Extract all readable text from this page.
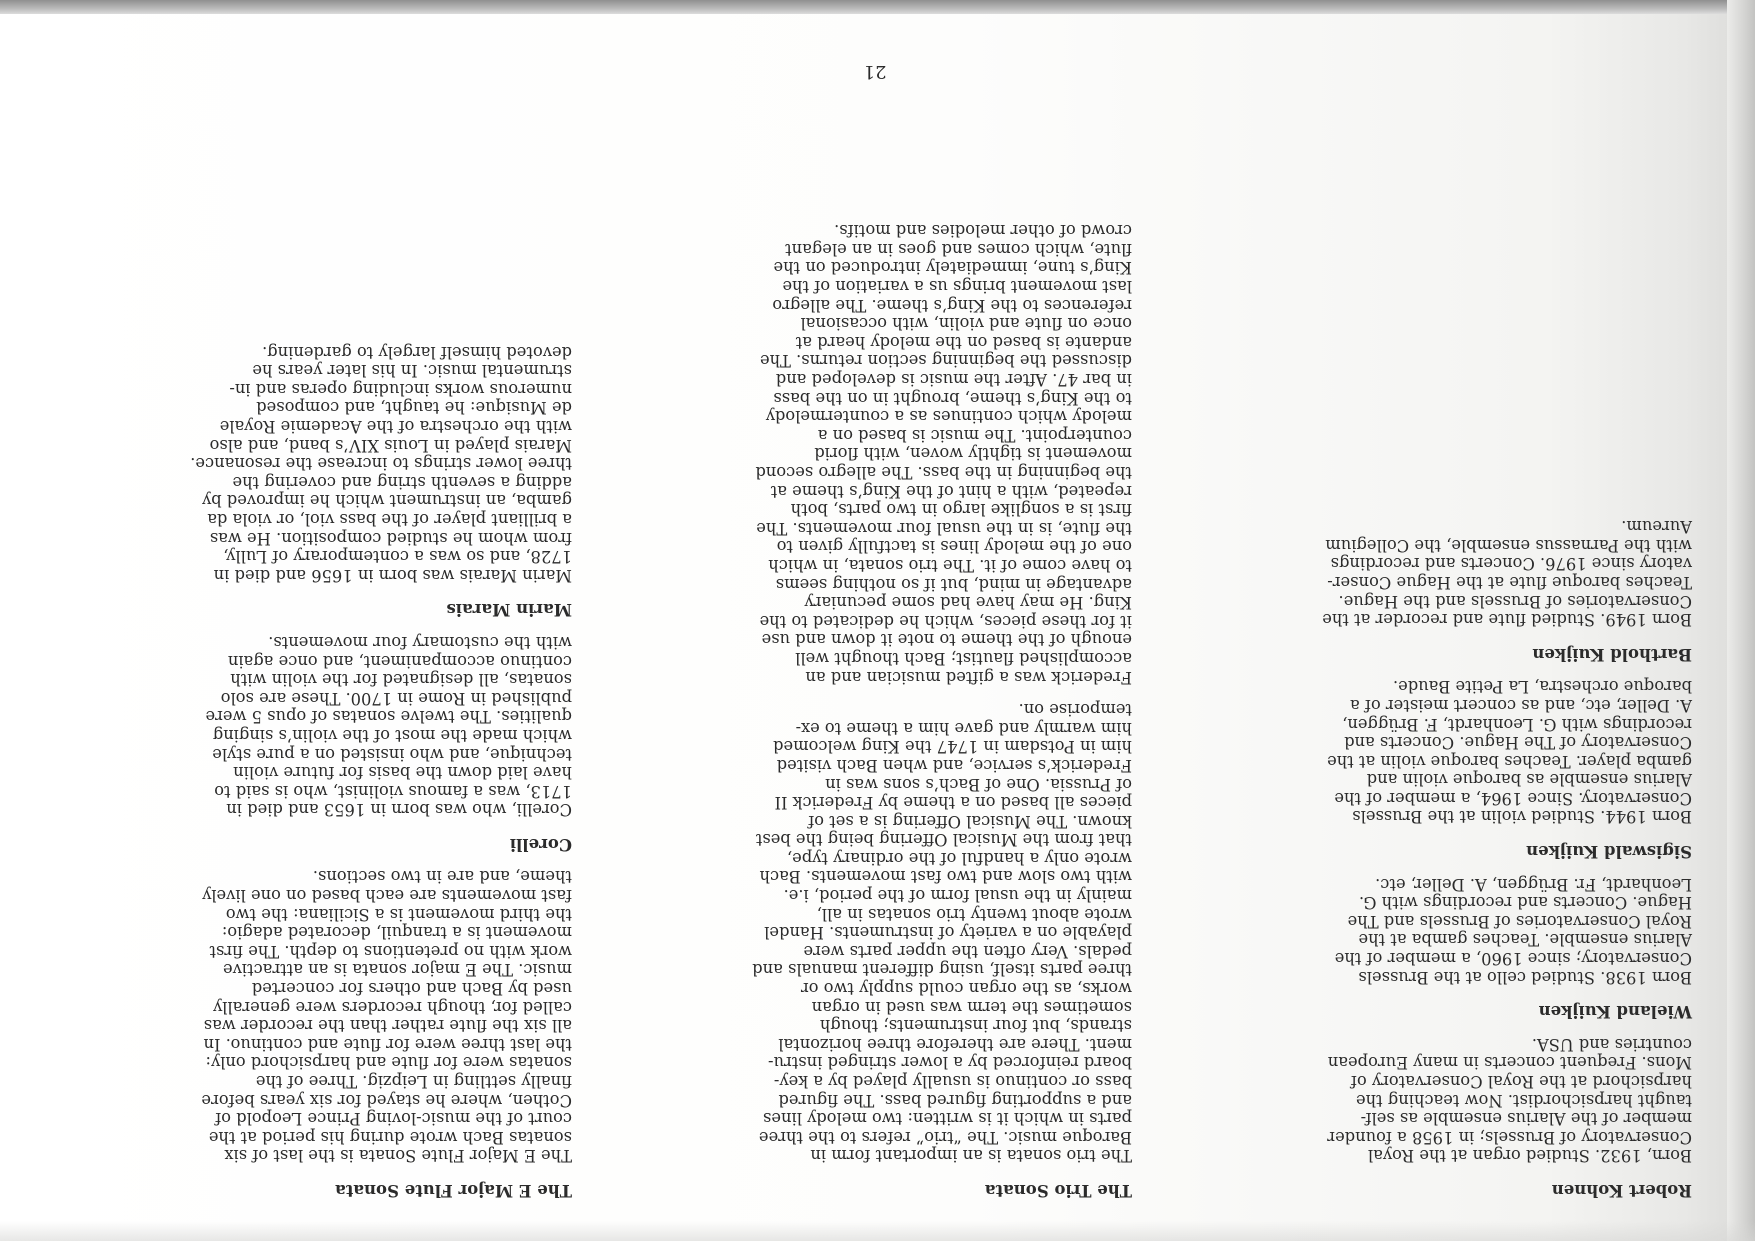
Robert Kohnen

Born, 1932. Studied organ at the Royal
Conservatory of Brussels; in 1958 a founder
member of the Alarius ensemble as self-
taught harpsichordist. Now teaching the
harpsichord at the Royal Conservatory of
Mons. Frequent concerts in many European
countries and USA.

Wieland Kuijken

Born 1938. Studied cello at the Brussels
Conservatory; since 1960, a member of the
Alarius ensemble. Teaches gamba at the
Royal Conservatories of Brussels and The
Hague. Concerts and recordings with G.
Leonhardt, Fr. Brüggen, A. Deller, etc.

Sigiswald Kuijken

Born 1944. Studied violin at the Brussels
Conservatory. Since 1964, a member of the
Alarius ensemble as baroque violin and
gamba player. Teaches baroque violin at the
Conservatory of The Hague. Concerts and
recordings with G. Leonhardt, F. Brüggen,
A. Deller, etc, and as concert meister of a
baroque orchestra, La Petite Baude.

Barthold Kuijken

Born 1949. Studied flute and recorder at the
Conservatories of Brussels and the Hague.
Teaches baroque flute at the Hague Conser-
vatory since 1976. Concerts and recordings
with the Parnassus ensemble, the Collegium
Aureum.

The Trio Sonata

The trio sonata is an important form in
Baroque music. The “trio” refers to the three
parts in which it is written: two melody lines
and a supporting figured bass. The figured
bass or continuo is usually played by a key-
board reinforced by a lower stringed instru-
ment. There are therefore three horizontal
strands, but four instruments; though
sometimes the term was used in organ
works, as the organ could supply two or
three parts itself, using different manuals and
pedals. Very often the upper parts were
playable on a variety of instruments. Handel
wrote about twenty trio sonatas in all,
mainly in the usual form of the period, i.e.
with two slow and two fast movements. Bach
wrote only a handful of the ordinary type,
that from the Musical Offering being the best
known. The Musical Offering is a set of
pieces all based on a theme by Frederick II
of Prussia. One of Bach’s sons was in
Frederick’s service, and when Bach visited
him in Potsdam in 1747 the King welcomed
him warmly and gave him a theme to ex-
temporise on.

Frederick was a gifted musician and an
accomplished flautist; Bach thought well
enough of the theme to note it down and use
it for these pieces, which he dedicated to the
King. He may have had some pecuniary
advantage in mind, but if so nothing seems
to have come of it. The trio sonata, in which
one of the melody lines is tactfully given to
the flute, is in the usual four movements. The
first is a songlike largo in two parts, both
repeated, with a hint of the King’s theme at
the beginning in the bass. The allegro second
movement is tightly woven, with florid
counterpoint. The music is based on a
melody which continues as a countermelody
to the King’s theme, brought in on the bass
in bar 47. After the music is developed and
discussed the beginning section returns. The
andante is based on the melody heard at
once on flute and violin, with occasional
references to the King’s theme. The allegro
last movement brings us a variation of the
King’s tune, immediately introduced on the
flute, which comes and goes in an elegant
crowd of other melodies and motifs.

The E Major Flute Sonata

The E Major Flute Sonata is the last of six
sonatas Bach wrote during his period at the
court of the music-loving Prince Leopold of
Cothen, where he stayed for six years before
finally settling in Leipzig. Three of the
sonatas were for flute and harpsichord only:
the last three were for flute and continuo. In
all six the flute rather than the recorder was
called for, though recorders were generally
used by Bach and others for concerted
music. The E major sonata is an attractive
work with no pretentions to depth. The first
movement is a tranquil, decorated adagio:
the third movement is a Siciliana: the two
fast movements are each based on one lively
theme, and are in two sections.

Corelli

Corelli, who was born in 1653 and died in
1713, was a famous violinist, who is said to
have laid down the basis for future violin
technique, and who insisted on a pure style
which made the most of the violin’s singing
qualities. The twelve sonatas of opus 5 were
published in Rome in 1700. These are solo
sonatas, all designated for the violin with
continuo accompaniment, and once again
with the customary four movements.

Marin Marais

Marin Marais was born in 1656 and died in
1728, and so was a contemporary of Lully,
from whom he studied composition. He was
a brilliant player of the bass viol, or viola da
gamba, an instrument which he improved by
adding a seventh string and covering the
three lower strings to increase the resonance.
Marais played in Louis XIV’s band, and also
with the orchestra of the Academie Royale
de Musique: he taught, and composed
numerous works including operas and in-
strumental music. In his later years he
devoted himself largely to gardening.

21
